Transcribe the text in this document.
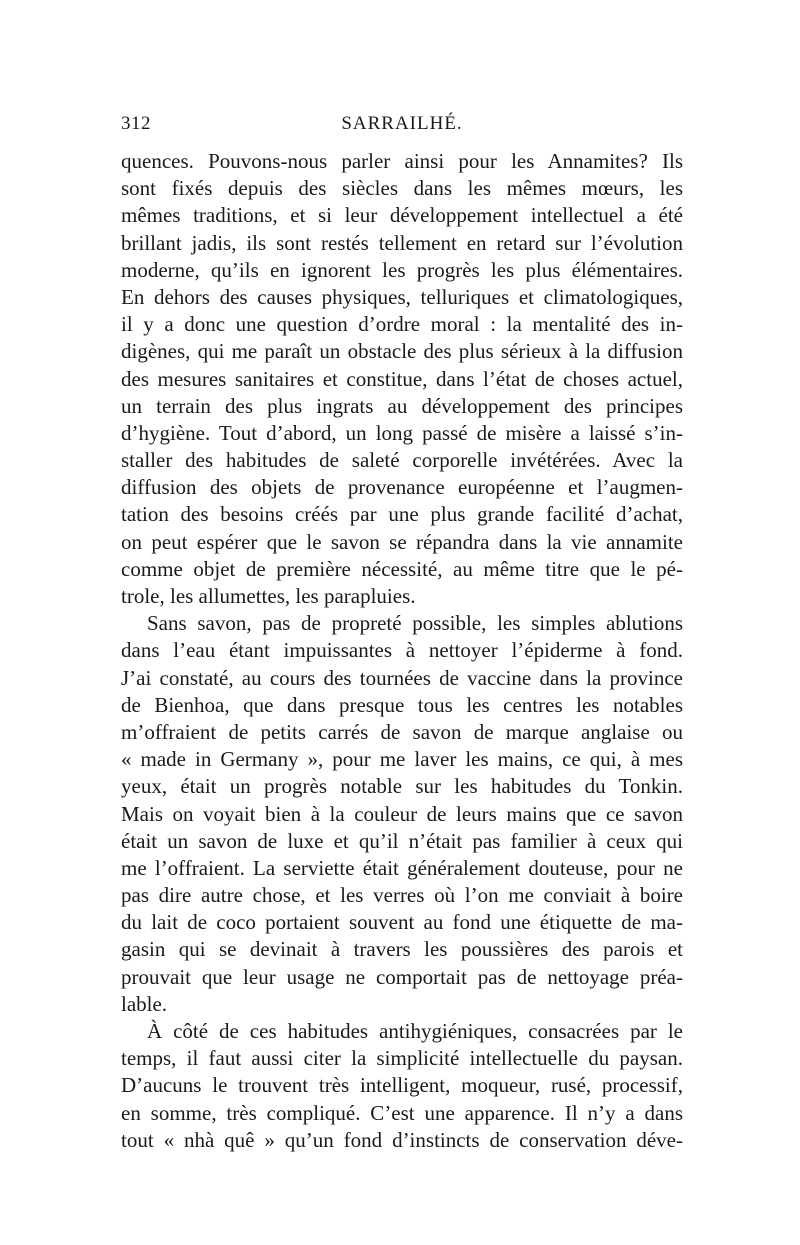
312	SARRAILHÉ.
quences. Pouvons-nous parler ainsi pour les Annamites? Ils
sont fixés depuis des siècles dans les mêmes mœurs, les
mêmes traditions, et si leur développement intellectuel a été
brillant jadis, ils sont restés tellement en retard sur l’évolution
moderne, qu’ils en ignorent les progrès les plus élémentaires.
En dehors des causes physiques, telluriques et climatologiques,
il y a donc une question d’ordre moral : la mentalité des in-
digènes, qui me paraît un obstacle des plus sérieux à la diffusion
des mesures sanitaires et constitue, dans l’état de choses actuel,
un terrain des plus ingrats au développement des principes
d’hygiène. Tout d’abord, un long passé de misère a laissé s’in-
staller des habitudes de saleté corporelle invétérées. Avec la
diffusion des objets de provenance européenne et l’augmen-
tation des besoins créés par une plus grande facilité d’achat,
on peut espérer que le savon se répandra dans la vie annamite
comme objet de première nécessité, au même titre que le pé-
trole, les allumettes, les parapluies.
Sans savon, pas de propreté possible, les simples ablutions
dans l’eau étant impuissantes à nettoyer l’épiderme à fond.
J’ai constaté, au cours des tournées de vaccine dans la province
de Bienhoa, que dans presque tous les centres les notables
m’offraient de petits carrés de savon de marque anglaise ou
« made in Germany », pour me laver les mains, ce qui, à mes
yeux, était un progrès notable sur les habitudes du Tonkin.
Mais on voyait bien à la couleur de leurs mains que ce savon
était un savon de luxe et qu’il n’était pas familier à ceux qui
me l’offraient. La serviette était généralement douteuse, pour ne
pas dire autre chose, et les verres où l’on me conviait à boire
du lait de coco portaient souvent au fond une étiquette de ma-
gasin qui se devinait à travers les poussières des parois et
prouvait que leur usage ne comportait pas de nettoyage préa-
lable.
À côté de ces habitudes antihygiéniques, consacrées par le
temps, il faut aussi citer la simplicité intellectuelle du paysan.
D’aucuns le trouvent très intelligent, moqueur, rusé, processif,
en somme, très compliqué. C’est une apparence. Il n’y a dans
tout « nhà quê » qu’un fond d’instincts de conservation déve-
